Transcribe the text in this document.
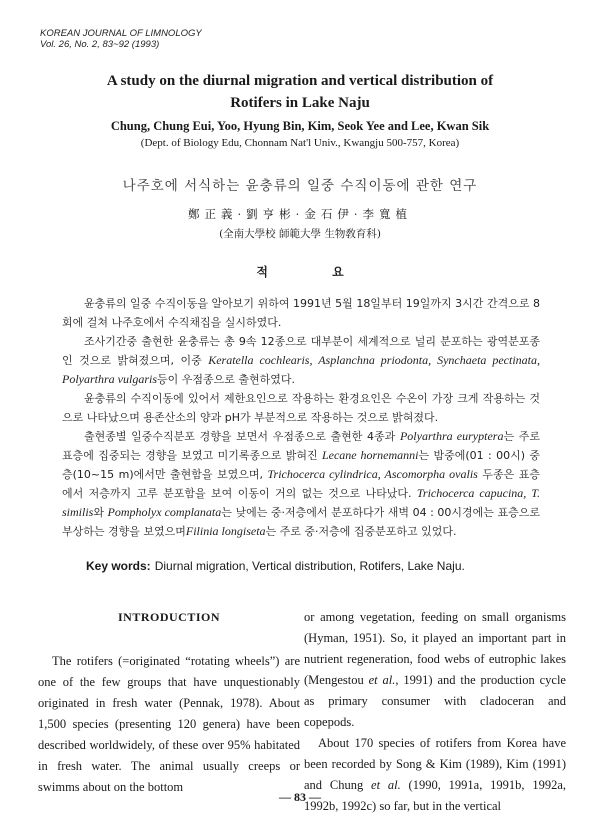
KOREAN JOURNAL OF LIMNOLOGY
Vol. 26, No. 2, 83~92 (1993)
A study on the diurnal migration and vertical distribution of
Rotifers in Lake Naju
Chung, Chung Eui, Yoo, Hyung Bin, Kim, Seok Yee and Lee, Kwan Sik
(Dept. of Biology Edu, Chonnam Nat'l Univ., Kwangju 500-757, Korea)
나주호에 서식하는 윤충류의 일중 수직이동에 관한 연구
鄭正義·劉亨彬·金石伊·李寬植
(全南大學校 師範大學 生物敎育科)
적 요

윤충류의 일중 수직이동을 알아보기 위하여 1991년 5월 18일부터 19일까지 3시간 간격으로 8회에 걸쳐 나주호에서 수직채집을 실시하였다.

조사기간중 출현한 윤충류는 총 9속 12종으로 대부분이 세계적으로 널리 분포하는 광역분포종인 것으로 밝혀졌으며, 이중 Keratella cochlearis, Asplanchna priodonta, Synchaeta pectinata, Polyarthra vulgaris등이 우점종으로 출현하였다.

윤충류의 수직이동에 있어서 제한요인으로 작용하는 환경요인은 수온이 가장 크게 작용하는 것으로 나타났으며 용존산소의 양과 pH가 부분적으로 작용하는 것으로 밝혀졌다.

출현종별 일중수직분포 경향을 보면서 우점종으로 출현한 4종과 Polyarthra euryptera는 주로 표층에 집중되는 경향을 보였고 미기록종으로 밝혀진 Lecane hornemanni는 밤중에(01 : 00시) 중층(10~15 m)에서만 출현함을 보였으며, Trichocerca cylindrica, Ascomorpha ovalis 두종은 표층에서 저층까지 고루 분포함을 보여 이동이 거의 없는 것으로 나타났다. Trichocerca capucina, T. similis와 Pompholyx complanata는 낮에는 중·저층에서 분포하다가 새벽 04 : 00시경에는 표층으로 부상하는 경향을 보였으며Filinia longiseta는 주로 중·저층에 집중분포하고 있었다.

Key words: Diurnal migration, Vertical distribution, Rotifers, Lake Naju.
INTRODUCTION

The rotifers (=originated “rotating wheels”) are one of the few groups that have unquestionably originated in fresh water (Pennak, 1978). About 1,500 species (presenting 120 genera) have been described worldwidely, of these over 95% habitated in fresh water. The animal usually creeps or swimms about on the bottom

or among vegetation, feeding on small organisms (Hyman, 1951). So, it played an important part in nutrient regeneration, food webs of eutrophic lakes (Mengestou et al., 1991) and the production cycle as primary consumer with cladoceran and copepods.

About 170 species of rotifers from Korea have been recorded by Song & Kim (1989), Kim (1991) and Chung et al. (1990, 1991a, 1991b, 1992a, 1992b, 1992c) so far, but in the vertical

— 83 —
